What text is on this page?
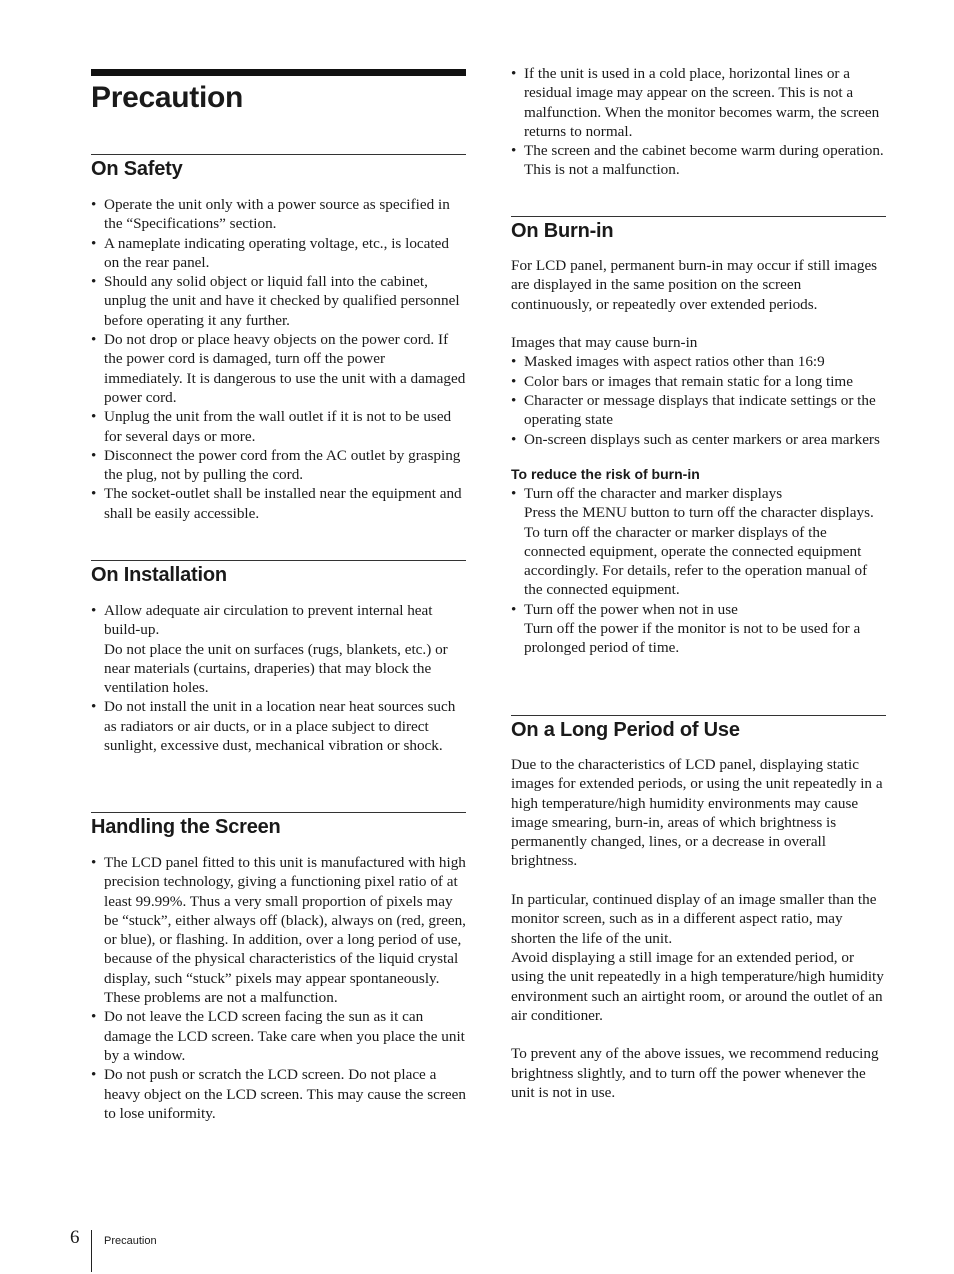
Precaution
On Safety
• Operate the unit only with a power source as specified in the “Specifications” section.
• A nameplate indicating operating voltage, etc., is located on the rear panel.
• Should any solid object or liquid fall into the cabinet, unplug the unit and have it checked by qualified personnel before operating it any further.
• Do not drop or place heavy objects on the power cord. If the power cord is damaged, turn off the power immediately. It is dangerous to use the unit with a damaged power cord.
• Unplug the unit from the wall outlet if it is not to be used for several days or more.
• Disconnect the power cord from the AC outlet by grasping the plug, not by pulling the cord.
• The socket-outlet shall be installed near the equipment and shall be easily accessible.
On Installation
• Allow adequate air circulation to prevent internal heat build-up.
Do not place the unit on surfaces (rugs, blankets, etc.) or near materials (curtains, draperies) that may block the ventilation holes.
• Do not install the unit in a location near heat sources such as radiators or air ducts, or in a place subject to direct sunlight, excessive dust, mechanical vibration or shock.
Handling the Screen
• The LCD panel fitted to this unit is manufactured with high precision technology, giving a functioning pixel ratio of at least 99.99%. Thus a very small proportion of pixels may be “stuck”, either always off (black), always on (red, green, or blue), or flashing. In addition, over a long period of use, because of the physical characteristics of the liquid crystal display, such “stuck” pixels may appear spontaneously. These problems are not a malfunction.
• Do not leave the LCD screen facing the sun as it can damage the LCD screen. Take care when you place the unit by a window.
• Do not push or scratch the LCD screen. Do not place a heavy object on the LCD screen. This may cause the screen to lose uniformity.
• If the unit is used in a cold place, horizontal lines or a residual image may appear on the screen. This is not a malfunction. When the monitor becomes warm, the screen returns to normal.
• The screen and the cabinet become warm during operation. This is not a malfunction.
On Burn-in

For LCD panel, permanent burn-in may occur if still images are displayed in the same position on the screen continuously, or repeatedly over extended periods.

Images that may cause burn-in

• Masked images with aspect ratios other than 16:9
• Color bars or images that remain static for a long time
• Character or message displays that indicate settings or the operating state
• On-screen displays such as center markers or area markers
To reduce the risk of burn-in
• Turn off the character and marker displays
Press the MENU button to turn off the character displays. To turn off the character or marker displays of the connected equipment, operate the connected equipment accordingly. For details, refer to the operation manual of the connected equipment.
• Turn off the power when not in use
Turn off the power if the monitor is not to be used for a prolonged period of time.
On a Long Period of Use

Due to the characteristics of LCD panel, displaying static images for extended periods, or using the unit repeatedly in a high temperature/high humidity environments may cause image smearing, burn-in, areas of which brightness is permanently changed, lines, or a decrease in overall brightness.

In particular, continued display of an image smaller than the monitor screen, such as in a different aspect ratio, may shorten the life of the unit.

Avoid displaying a still image for an extended period, or using the unit repeatedly in a high temperature/high humidity environment such an airtight room, or around the outlet of an air conditioner.

To prevent any of the above issues, we recommend reducing brightness slightly, and to turn off the power whenever the unit is not in use.

6 Precaution
